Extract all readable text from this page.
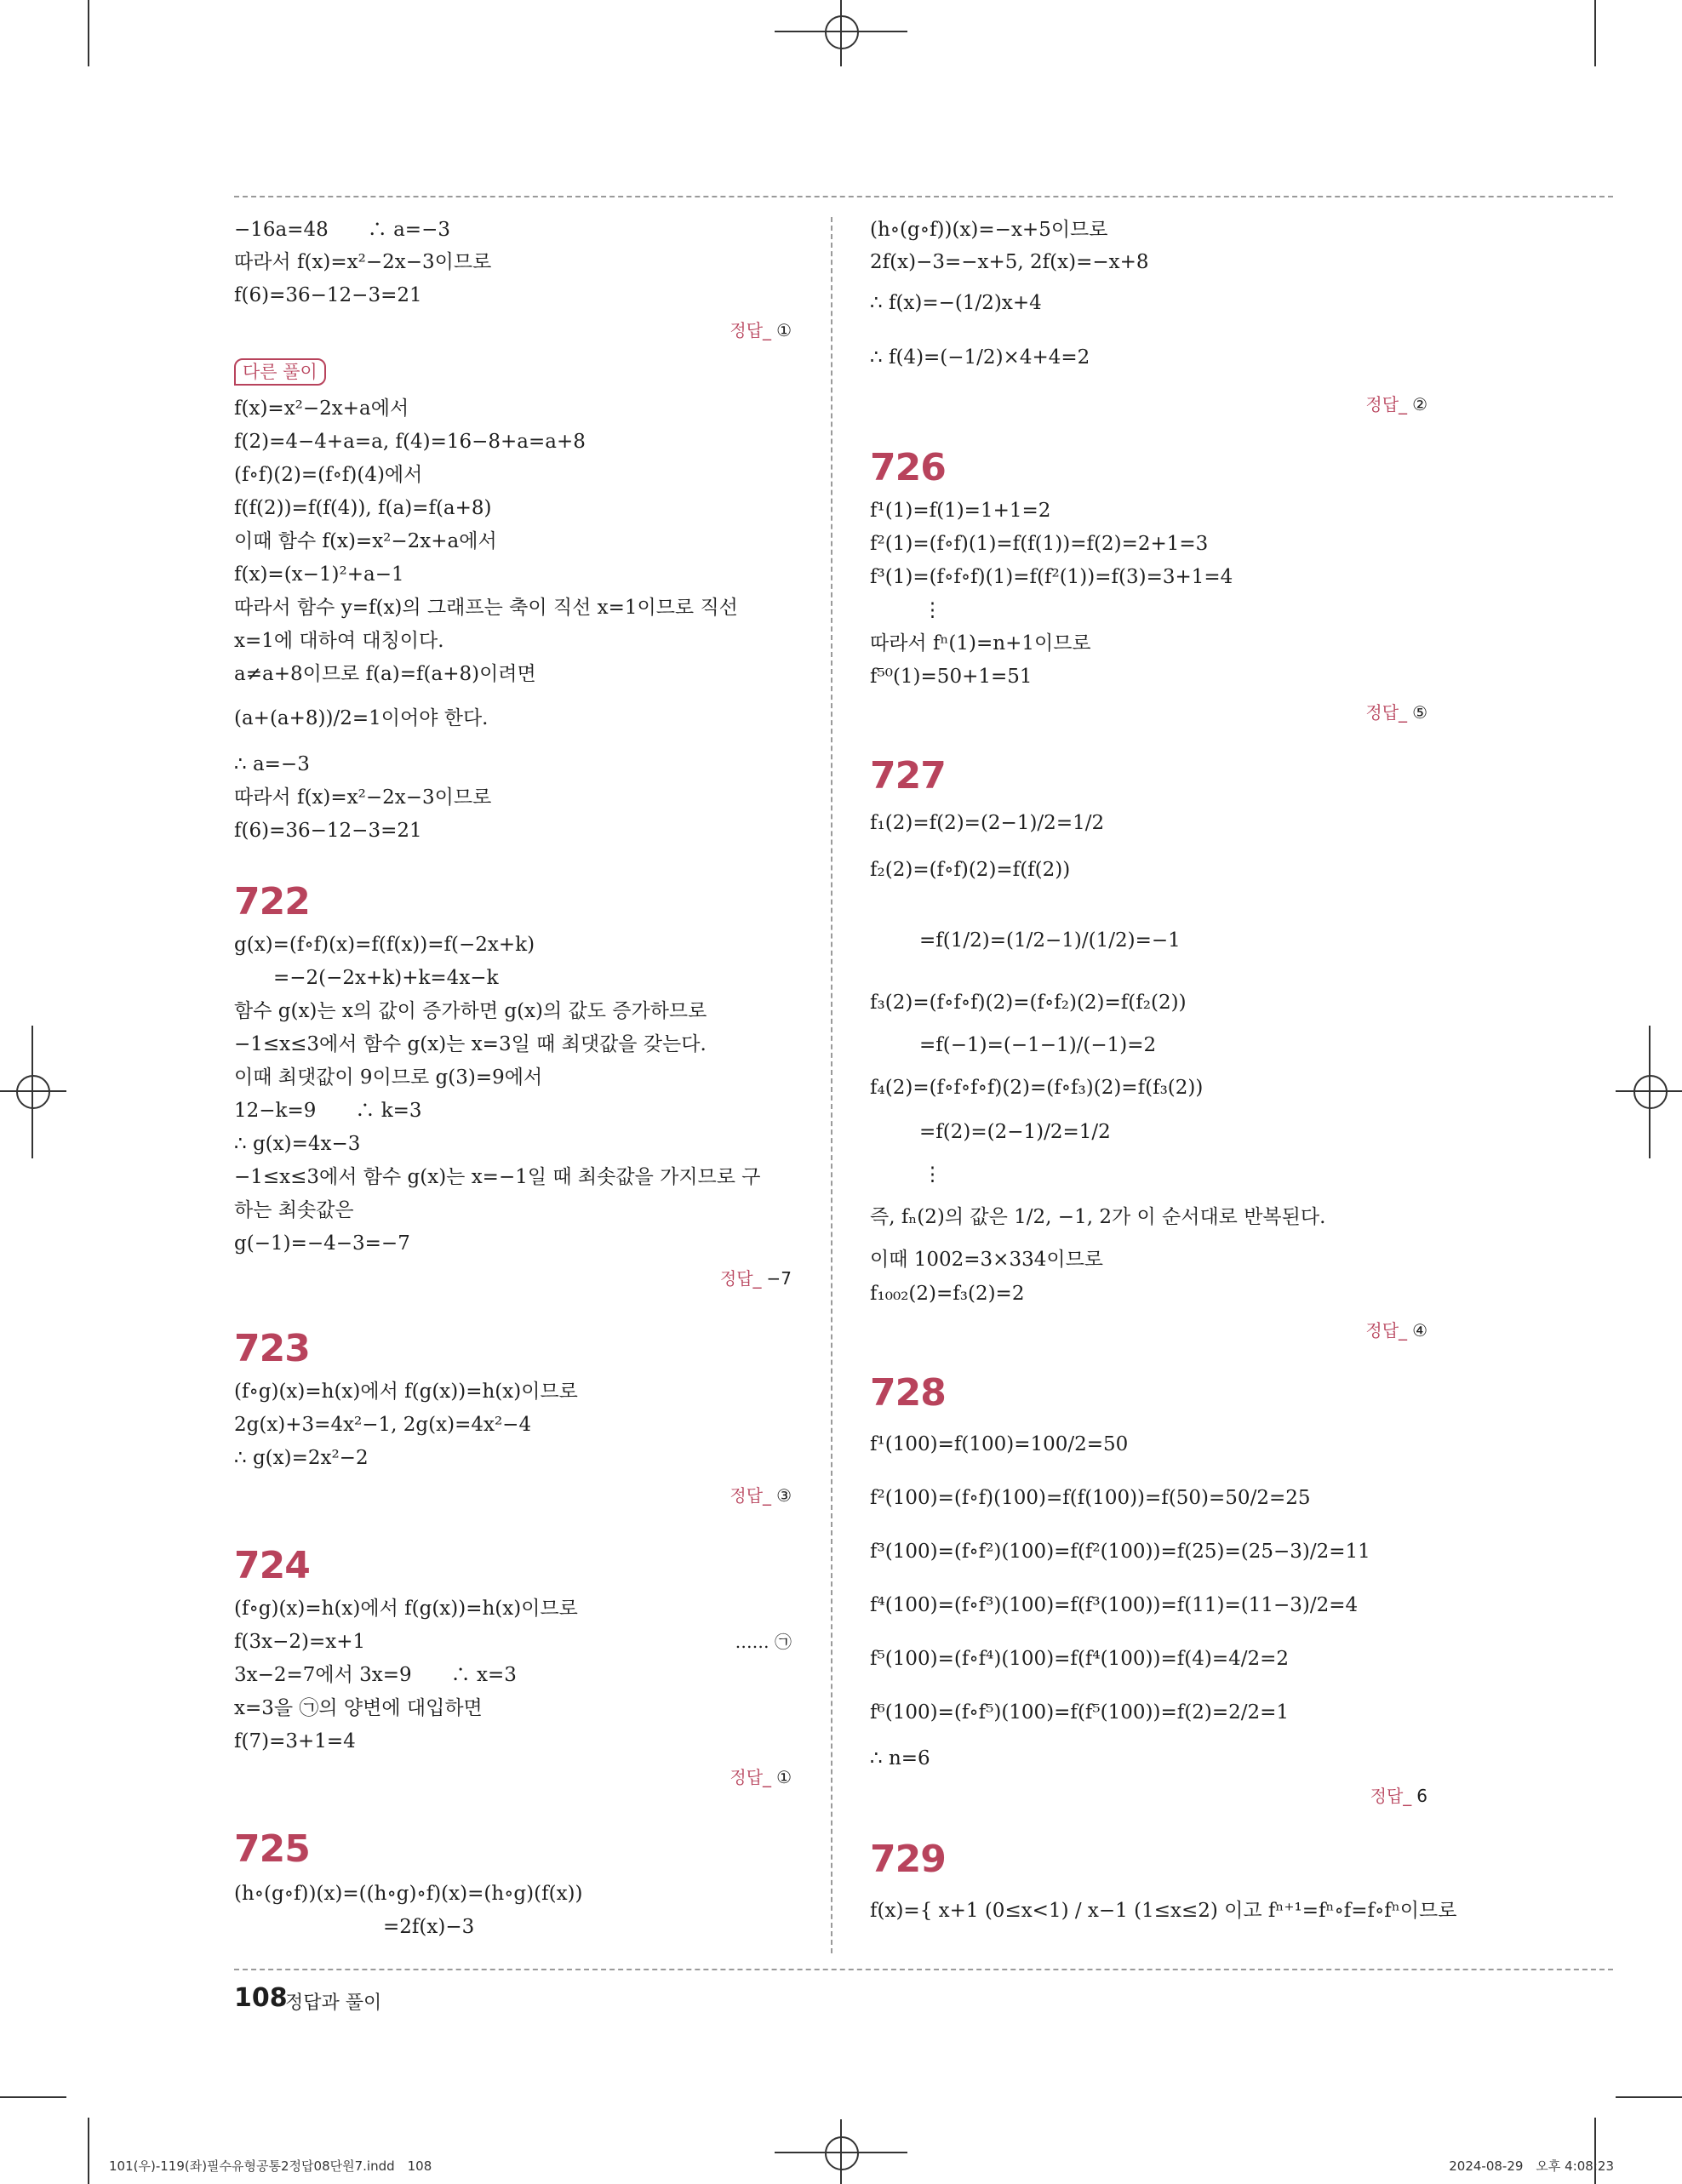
−16a=48　　∴ a=−3
따라서 f(x)=x²−2x−3이므로
f(6)=36−12−3=21
정답_ ①
다른 풀이
f(x)=x²−2x+a에서
f(2)=4−4+a=a, f(4)=16−8+a=a+8
(f∘f)(2)=(f∘f)(4)에서
f(f(2))=f(f(4)), f(a)=f(a+8)
이때 함수 f(x)=x²−2x+a에서
f(x)=(x−1)²+a−1
따라서 함수 y=f(x)의 그래프는 축이 직선 x=1이므로 직선
x=1에 대하여 대칭이다.
a≠a+8이므로 f(a)=f(a+8)이려면
(a+(a+8))/2=1이어야 한다.
∴ a=−3
따라서 f(x)=x²−2x−3이므로
f(6)=36−12−3=21
722
g(x)=(f∘f)(x)=f(f(x))=f(−2x+k)
　　=−2(−2x+k)+k=4x−k
함수 g(x)는 x의 값이 증가하면 g(x)의 값도 증가하므로
−1≤x≤3에서 함수 g(x)는 x=3일 때 최댓값을 갖는다.
이때 최댓값이 9이므로 g(3)=9에서
12−k=9　　∴ k=3
∴ g(x)=4x−3
−1≤x≤3에서 함수 g(x)는 x=−1일 때 최솟값을 가지므로 구
하는 최솟값은
g(−1)=−4−3=−7
정답_ −7
723
(f∘g)(x)=h(x)에서 f(g(x))=h(x)이므로
2g(x)+3=4x²−1, 2g(x)=4x²−4
∴ g(x)=2x²−2
정답_ ③
724
(f∘g)(x)=h(x)에서 f(g(x))=h(x)이므로
f(3x−2)=x+1	…… ㉠
3x−2=7에서 3x=9　　∴ x=3
x=3을 ㉠의 양변에 대입하면
f(7)=3+1=4
정답_ ①
725
(h∘(g∘f))(x)=((h∘g)∘f)(x)=(h∘g)(f(x))
=2f(x)−3
(h∘(g∘f))(x)=−x+5이므로
2f(x)−3=−x+5, 2f(x)=−x+8
∴ f(x)=−(1/2)x+4
∴ f(4)=(−1/2)×4+4=2
정답_ ②
726
f¹(1)=f(1)=1+1=2
f²(1)=(f∘f)(1)=f(f(1))=f(2)=2+1=3
f³(1)=(f∘f∘f)(1)=f(f²(1))=f(3)=3+1=4
⋮
따라서 fⁿ(1)=n+1이므로
f⁵⁰(1)=50+1=51
정답_ ⑤
727
f₁(2)=f(2)=(2−1)/2=1/2
f₂(2)=(f∘f)(2)=f(f(2))
=f(1/2)=(1/2−1)/(1/2)=−1
f₃(2)=(f∘f∘f)(2)=(f∘f₂)(2)=f(f₂(2))
=f(−1)=(−1−1)/(−1)=2
f₄(2)=(f∘f∘f∘f)(2)=(f∘f₃)(2)=f(f₃(2))
=f(2)=(2−1)/2=1/2
⋮
즉, fₙ(2)의 값은 1/2, −1, 2가 이 순서대로 반복된다.
이때 1002=3×334이므로
f₁₀₀₂(2)=f₃(2)=2
정답_ ④
728
f¹(100)=f(100)=100/2=50
f²(100)=(f∘f)(100)=f(f(100))=f(50)=50/2=25
f³(100)=(f∘f²)(100)=f(f²(100))=f(25)=(25−3)/2=11
f⁴(100)=(f∘f³)(100)=f(f³(100))=f(11)=(11−3)/2=4
f⁵(100)=(f∘f⁴)(100)=f(f⁴(100))=f(4)=4/2=2
f⁶(100)=(f∘f⁵)(100)=f(f⁵(100))=f(2)=2/2=1
∴ n=6
정답_ 6
729
f(x)={ x+1 (0≤x<1) / x−1 (1≤x≤2) 이고 fⁿ⁺¹=fⁿ∘f=f∘fⁿ이므로
108
정답과 풀이
101(우)-119(좌)필수유형공통2정답08단원7.indd　108	2024-08-29　오후 4:08:23
